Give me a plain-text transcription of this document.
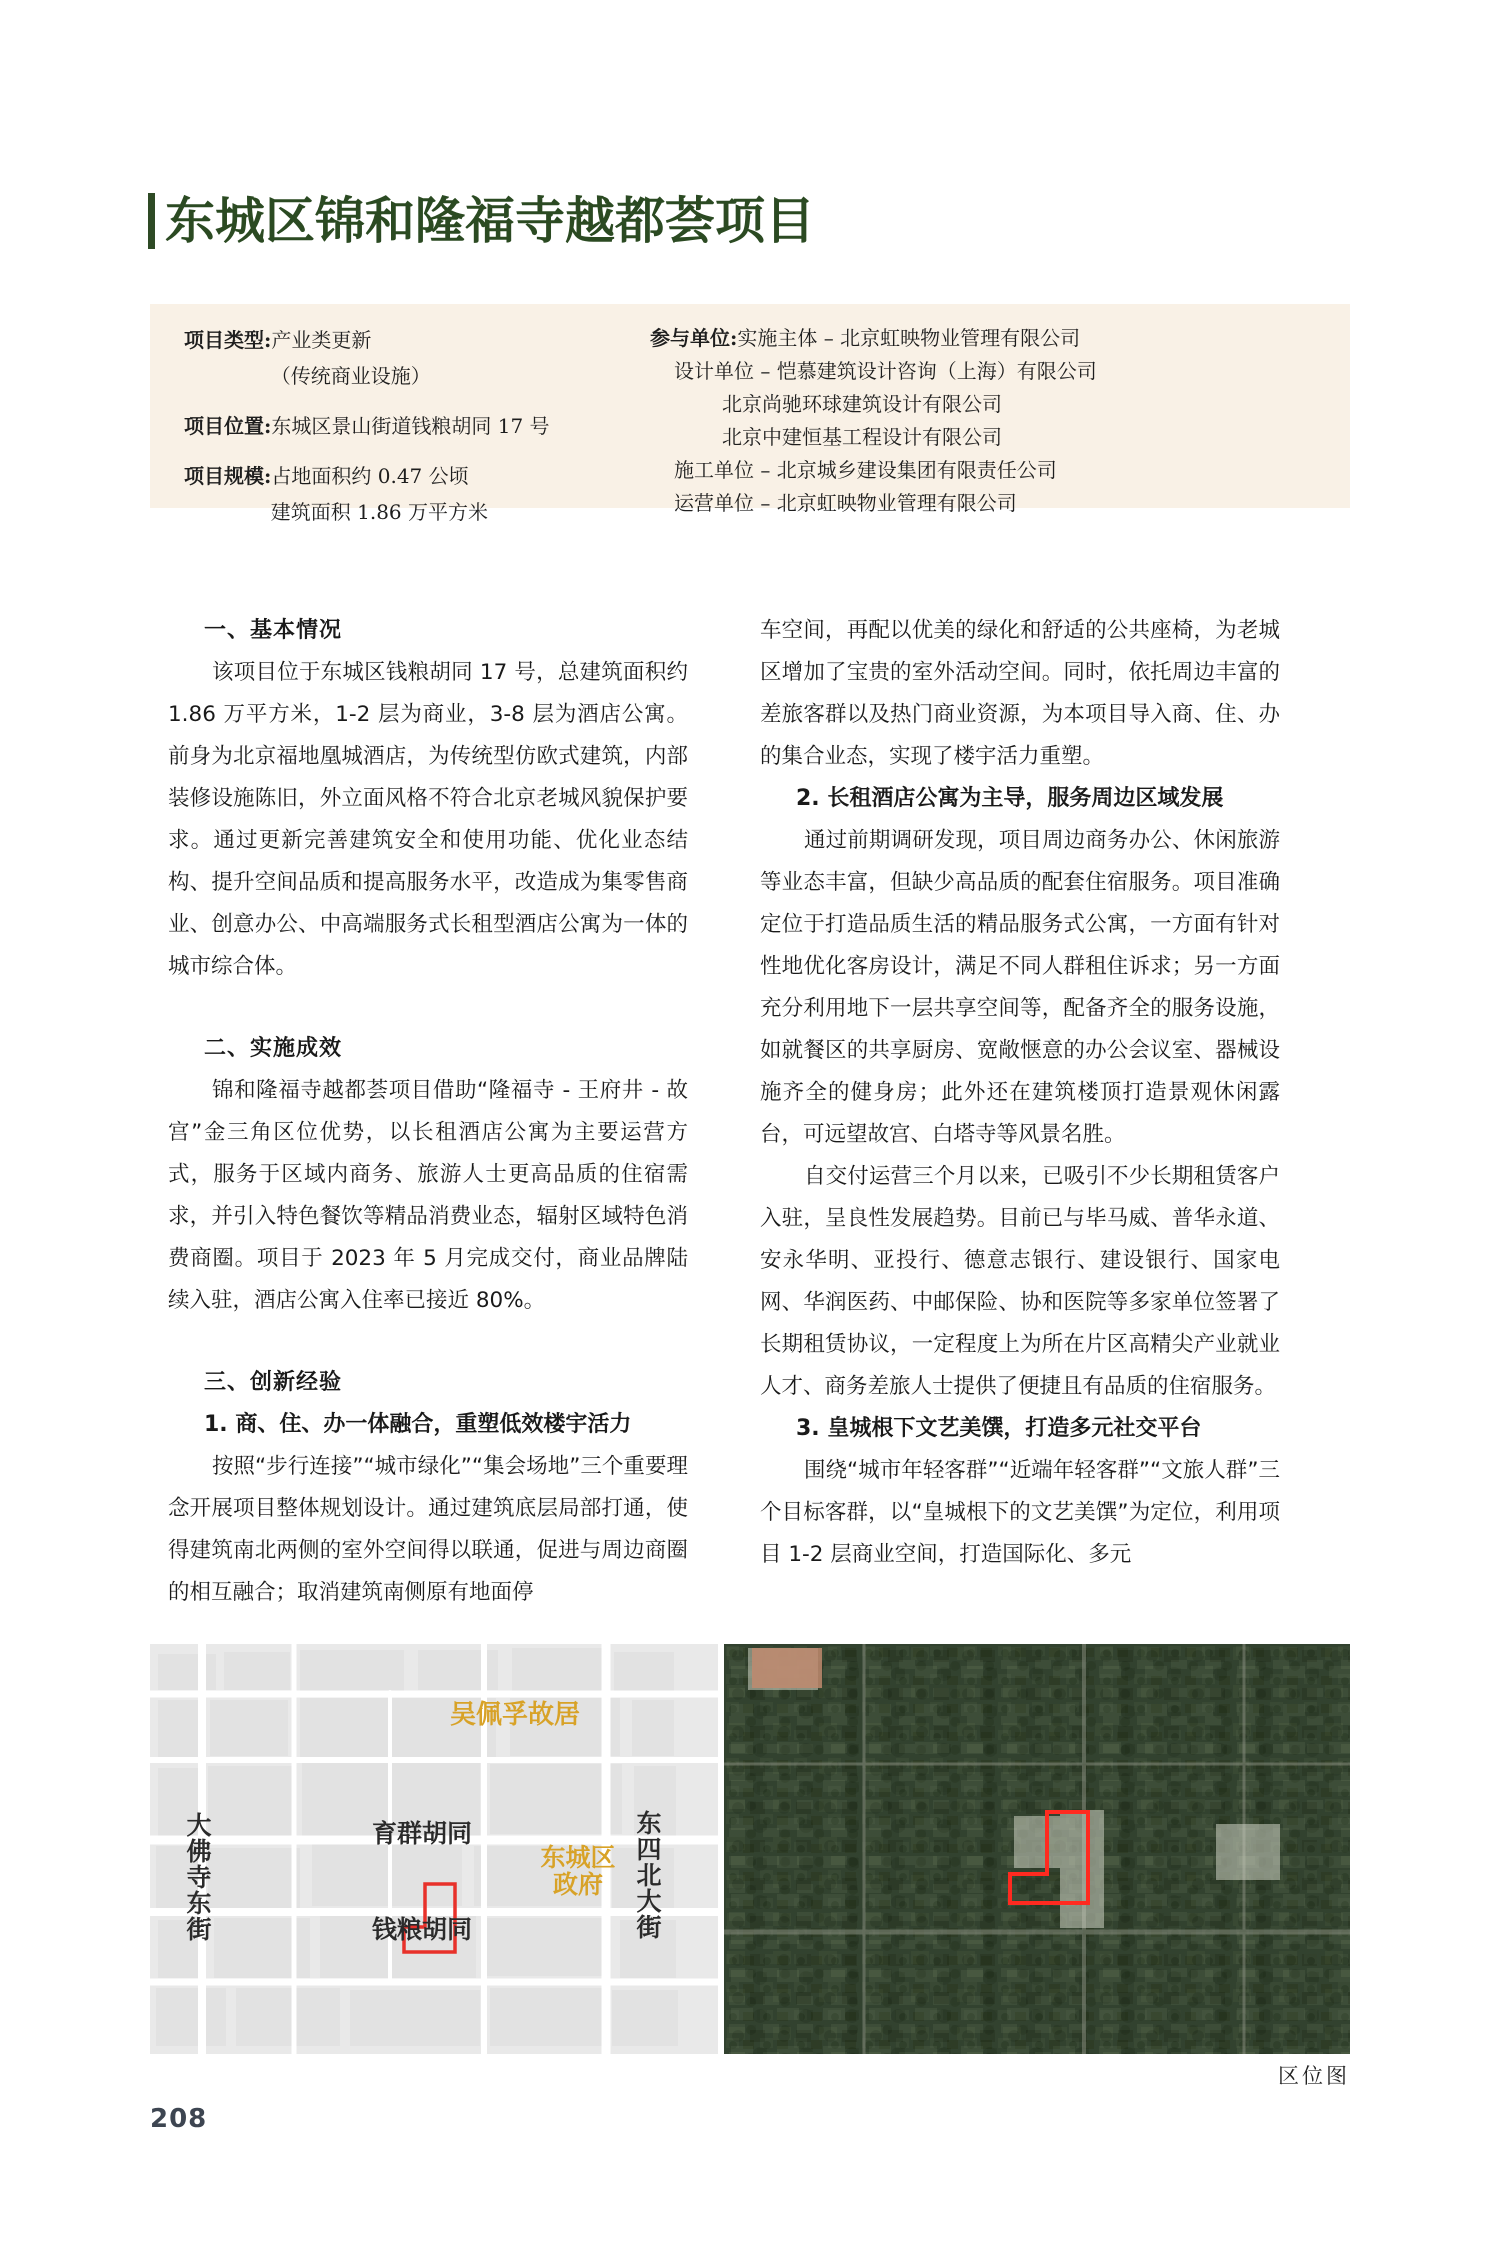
东城区锦和隆福寺越都荟项目
项目类型: 产业类更新
（传统商业设施）
项目位置: 东城区景山街道钱粮胡同 17 号
项目规模: 占地面积约 0.47 公顷
建筑面积 1.86 万平方米
参与单位: 实施主体 – 北京虹映物业管理有限公司
设计单位 – 恺慕建筑设计咨询（上海）有限公司
北京尚驰环球建筑设计有限公司
北京中建恒基工程设计有限公司
施工单位 – 北京城乡建设集团有限责任公司
运营单位 – 北京虹映物业管理有限公司
一、基本情况

该项目位于东城区钱粮胡同 17 号，总建筑面积约 1.86 万平方米，1-2 层为商业，3-8 层为酒店公寓。前身为北京福地凰城酒店，为传统型仿欧式建筑，内部装修设施陈旧，外立面风格不符合北京老城风貌保护要求。通过更新完善建筑安全和使用功能、优化业态结构、提升空间品质和提高服务水平，改造成为集零售商业、创意办公、中高端服务式长租型酒店公寓为一体的城市综合体。

二、实施成效

锦和隆福寺越都荟项目借助“隆福寺 - 王府井 - 故宫”金三角区位优势，以长租酒店公寓为主要运营方式，服务于区域内商务、旅游人士更高品质的住宿需求，并引入特色餐饮等精品消费业态，辐射区域特色消费商圈。项目于 2023 年 5 月完成交付，商业品牌陆续入驻，酒店公寓入住率已接近 80%。

三、创新经验
1. 商、住、办一体融合，重塑低效楼宇活力

按照“步行连接”“城市绿化”“集会场地”三个重要理念开展项目整体规划设计。通过建筑底层局部打通，使得建筑南北两侧的室外空间得以联通，促进与周边商圈的相互融合；取消建筑南侧原有地面停

车空间，再配以优美的绿化和舒适的公共座椅，为老城区增加了宝贵的室外活动空间。同时，依托周边丰富的差旅客群以及热门商业资源，为本项目导入商、住、办的集合业态，实现了楼宇活力重塑。

2. 长租酒店公寓为主导，服务周边区域发展

通过前期调研发现，项目周边商务办公、休闲旅游等业态丰富，但缺少高品质的配套住宿服务。项目准确定位于打造品质生活的精品服务式公寓，一方面有针对性地优化客房设计，满足不同人群租住诉求；另一方面充分利用地下一层共享空间等，配备齐全的服务设施，如就餐区的共享厨房、宽敞惬意的办公会议室、器械设施齐全的健身房；此外还在建筑楼顶打造景观休闲露台，可远望故宫、白塔寺等风景名胜。

自交付运营三个月以来，已吸引不少长期租赁客户入驻，呈良性发展趋势。目前已与毕马威、普华永道、安永华明、亚投行、德意志银行、建设银行、国家电网、华润医药、中邮保险、协和医院等多家单位签署了长期租赁协议，一定程度上为所在片区高精尖产业就业人才、商务差旅人士提供了便捷且有品质的住宿服务。

3. 皇城根下文艺美馔，打造多元社交平台

围绕“城市年轻客群”“近端年轻客群”“文旅人群”三个目标客群，以“皇城根下的文艺美馔”为定位，利用项目 1-2 层商业空间，打造国际化、多元

吴佩孚故居
大佛寺东街	育群胡同
钱粮胡同
东城区政府	东四北大街
区位图
208
